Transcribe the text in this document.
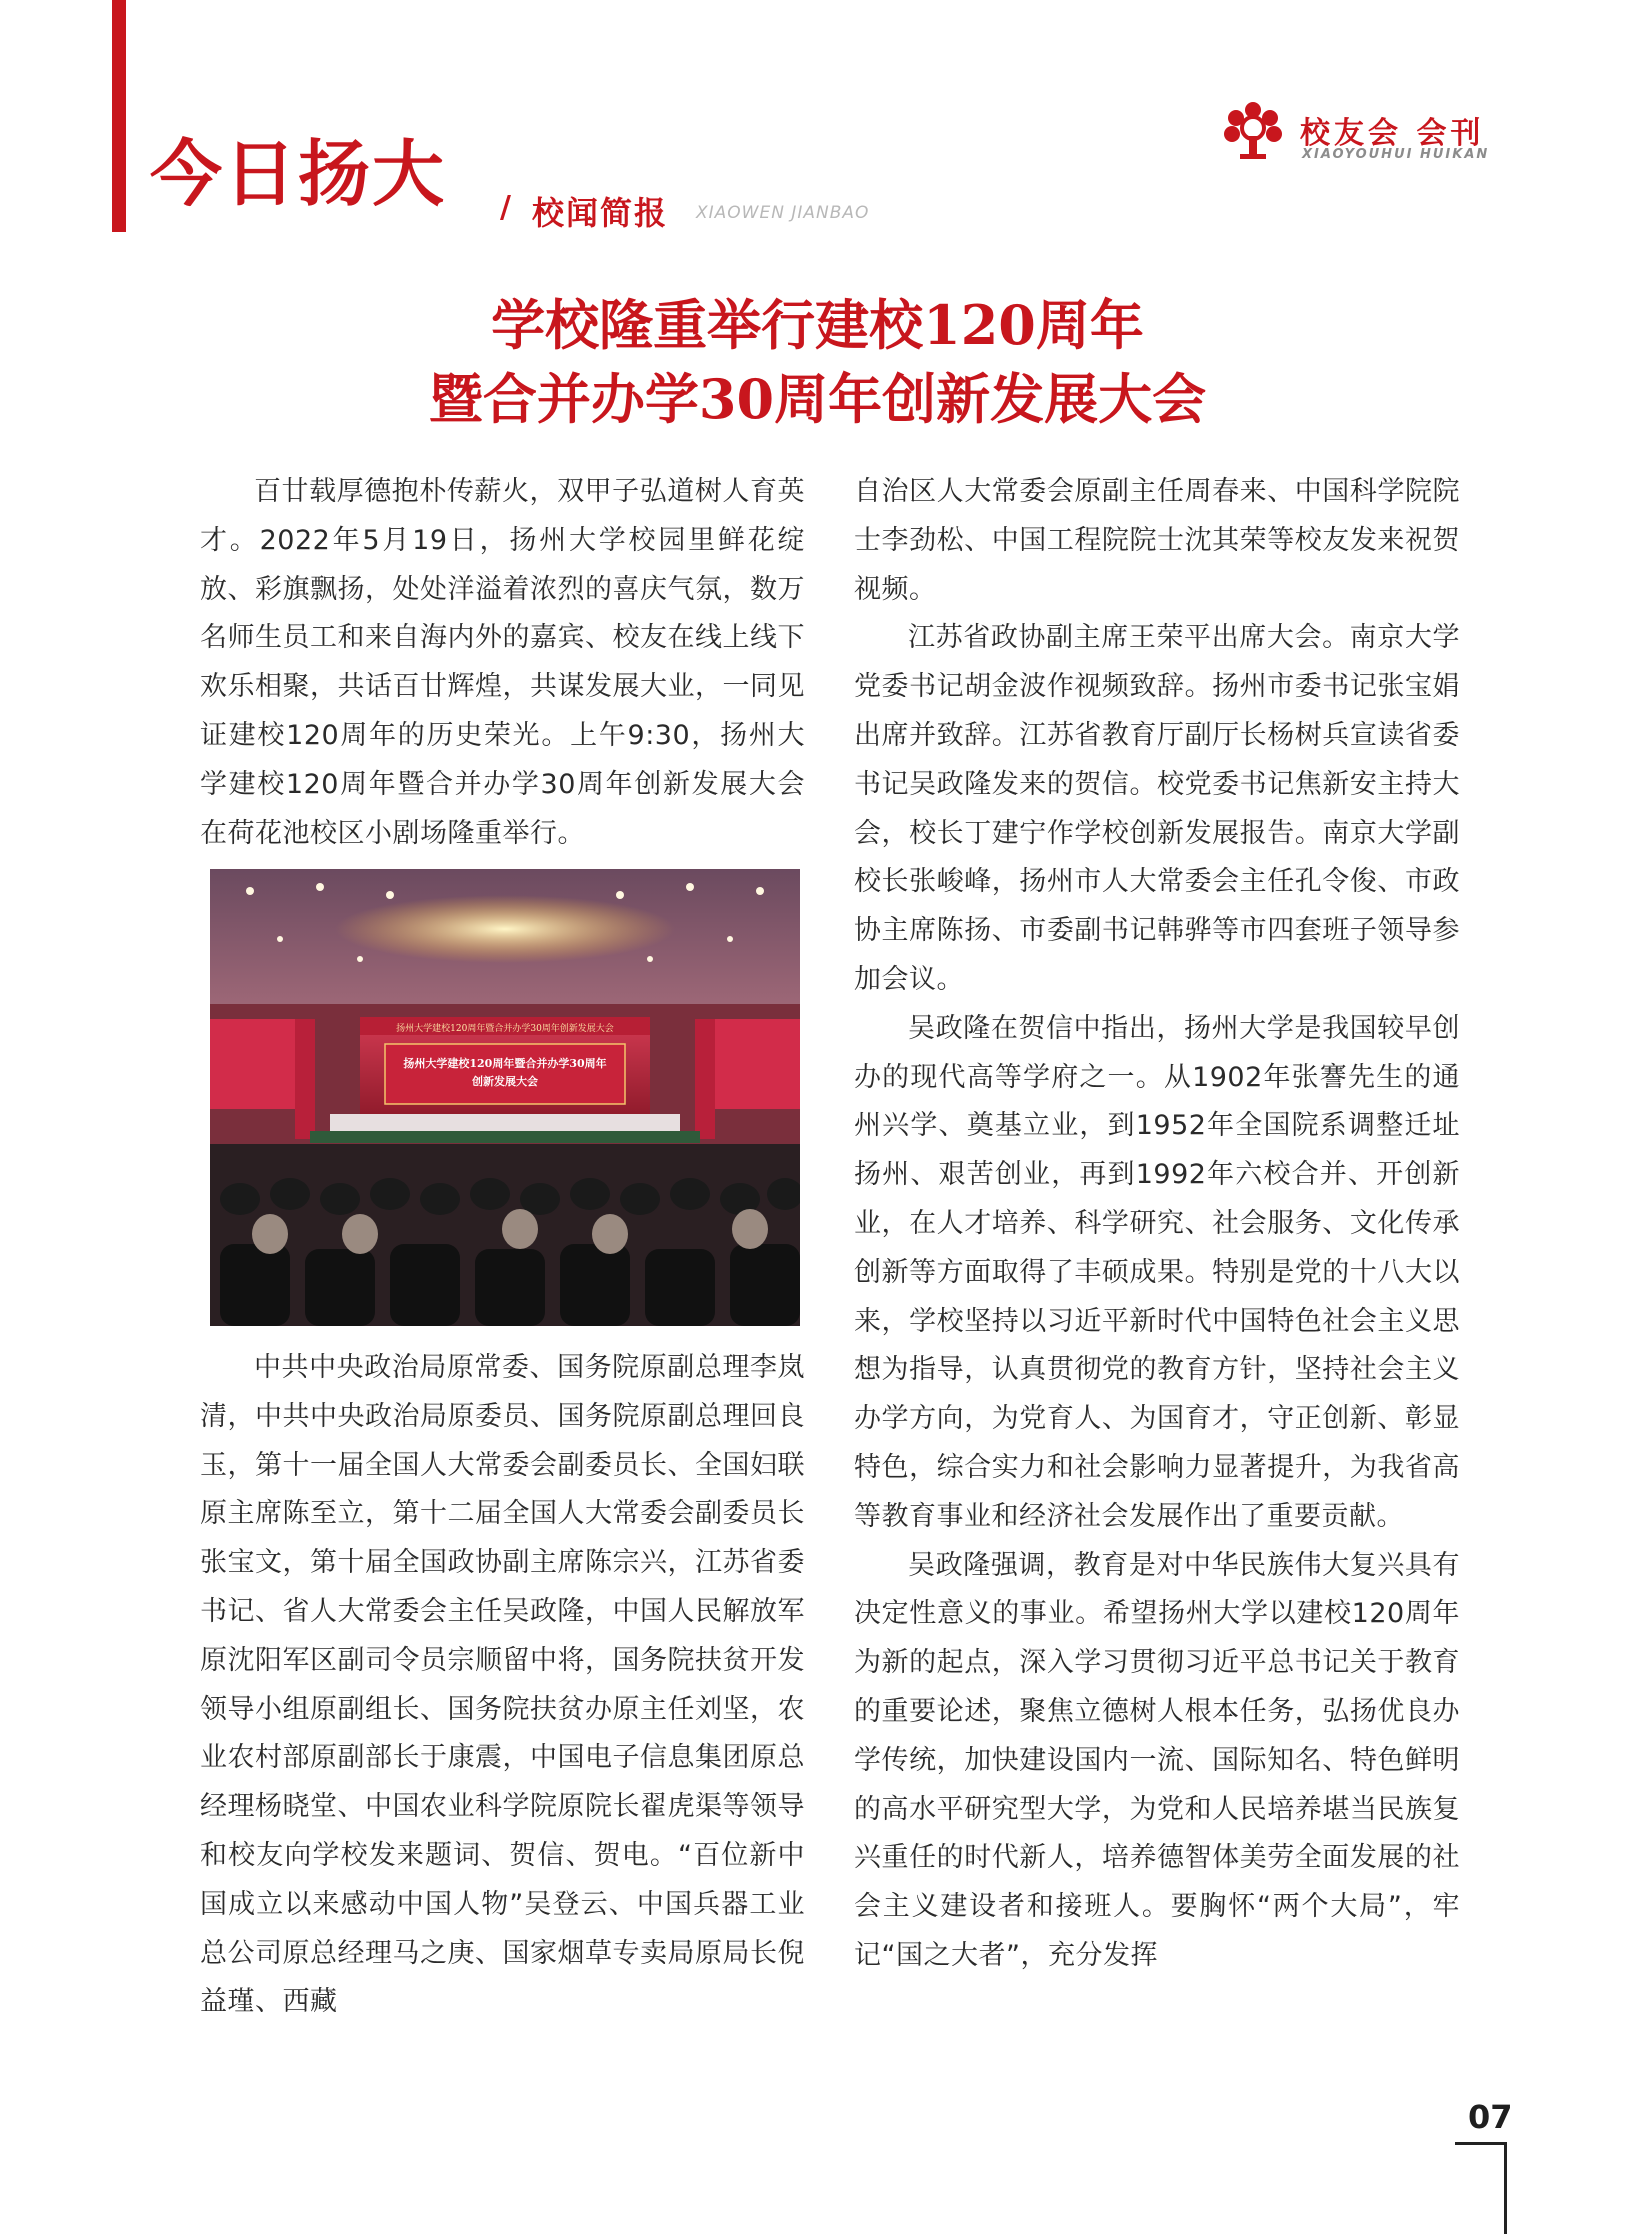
今日扬大 / 校闻简报 XIAOWEN JIANBAO
校友会 会刊
XIAOYOUHUI HUIKAN
学校隆重举行建校120周年
暨合并办学30周年创新发展大会

百廿载厚德抱朴传薪火，双甲子弘道树人育英才。2022年5月19日，扬州大学校园里鲜花绽放、彩旗飘扬，处处洋溢着浓烈的喜庆气氛，数万名师生员工和来自海内外的嘉宾、校友在线上线下欢乐相聚，共话百廿辉煌，共谋发展大业，一同见证建校120周年的历史荣光。上午9:30，扬州大学建校120周年暨合并办学30周年创新发展大会在荷花池校区小剧场隆重举行。

扬州大学建校120周年暨合并办学30周年创新发展大会
扬州大学建校120周年暨合并办学30周年
创新发展大会

中共中央政治局原常委、国务院原副总理李岚清，中共中央政治局原委员、国务院原副总理回良玉，第十一届全国人大常委会副委员长、全国妇联原主席陈至立，第十二届全国人大常委会副委员长张宝文，第十届全国政协副主席陈宗兴，江苏省委书记、省人大常委会主任吴政隆，中国人民解放军原沈阳军区副司令员宗顺留中将，国务院扶贫开发领导小组原副组长、国务院扶贫办原主任刘坚，农业农村部原副部长于康震，中国电子信息集团原总经理杨晓堂、中国农业科学院原院长翟虎渠等领导和校友向学校发来题词、贺信、贺电。“百位新中国成立以来感动中国人物”吴登云、中国兵器工业总公司原总经理马之庚、国家烟草专卖局原局长倪益瑾、西藏

自治区人大常委会原副主任周春来、中国科学院院士李劲松、中国工程院院士沈其荣等校友发来祝贺视频。

江苏省政协副主席王荣平出席大会。南京大学党委书记胡金波作视频致辞。扬州市委书记张宝娟出席并致辞。江苏省教育厅副厅长杨树兵宣读省委书记吴政隆发来的贺信。校党委书记焦新安主持大会，校长丁建宁作学校创新发展报告。南京大学副校长张峻峰，扬州市人大常委会主任孔令俊、市政协主席陈扬、市委副书记韩骅等市四套班子领导参加会议。

吴政隆在贺信中指出，扬州大学是我国较早创办的现代高等学府之一。从1902年张謇先生的通州兴学、奠基立业，到1952年全国院系调整迁址扬州、艰苦创业，再到1992年六校合并、开创新业，在人才培养、科学研究、社会服务、文化传承创新等方面取得了丰硕成果。特别是党的十八大以来，学校坚持以习近平新时代中国特色社会主义思想为指导，认真贯彻党的教育方针，坚持社会主义办学方向，为党育人、为国育才，守正创新、彰显特色，综合实力和社会影响力显著提升，为我省高等教育事业和经济社会发展作出了重要贡献。

吴政隆强调，教育是对中华民族伟大复兴具有决定性意义的事业。希望扬州大学以建校120周年为新的起点，深入学习贯彻习近平总书记关于教育的重要论述，聚焦立德树人根本任务，弘扬优良办学传统，加快建设国内一流、国际知名、特色鲜明的高水平研究型大学，为党和人民培养堪当民族复兴重任的时代新人，培养德智体美劳全面发展的社会主义建设者和接班人。要胸怀“两个大局”，牢记“国之大者”，充分发挥

07
